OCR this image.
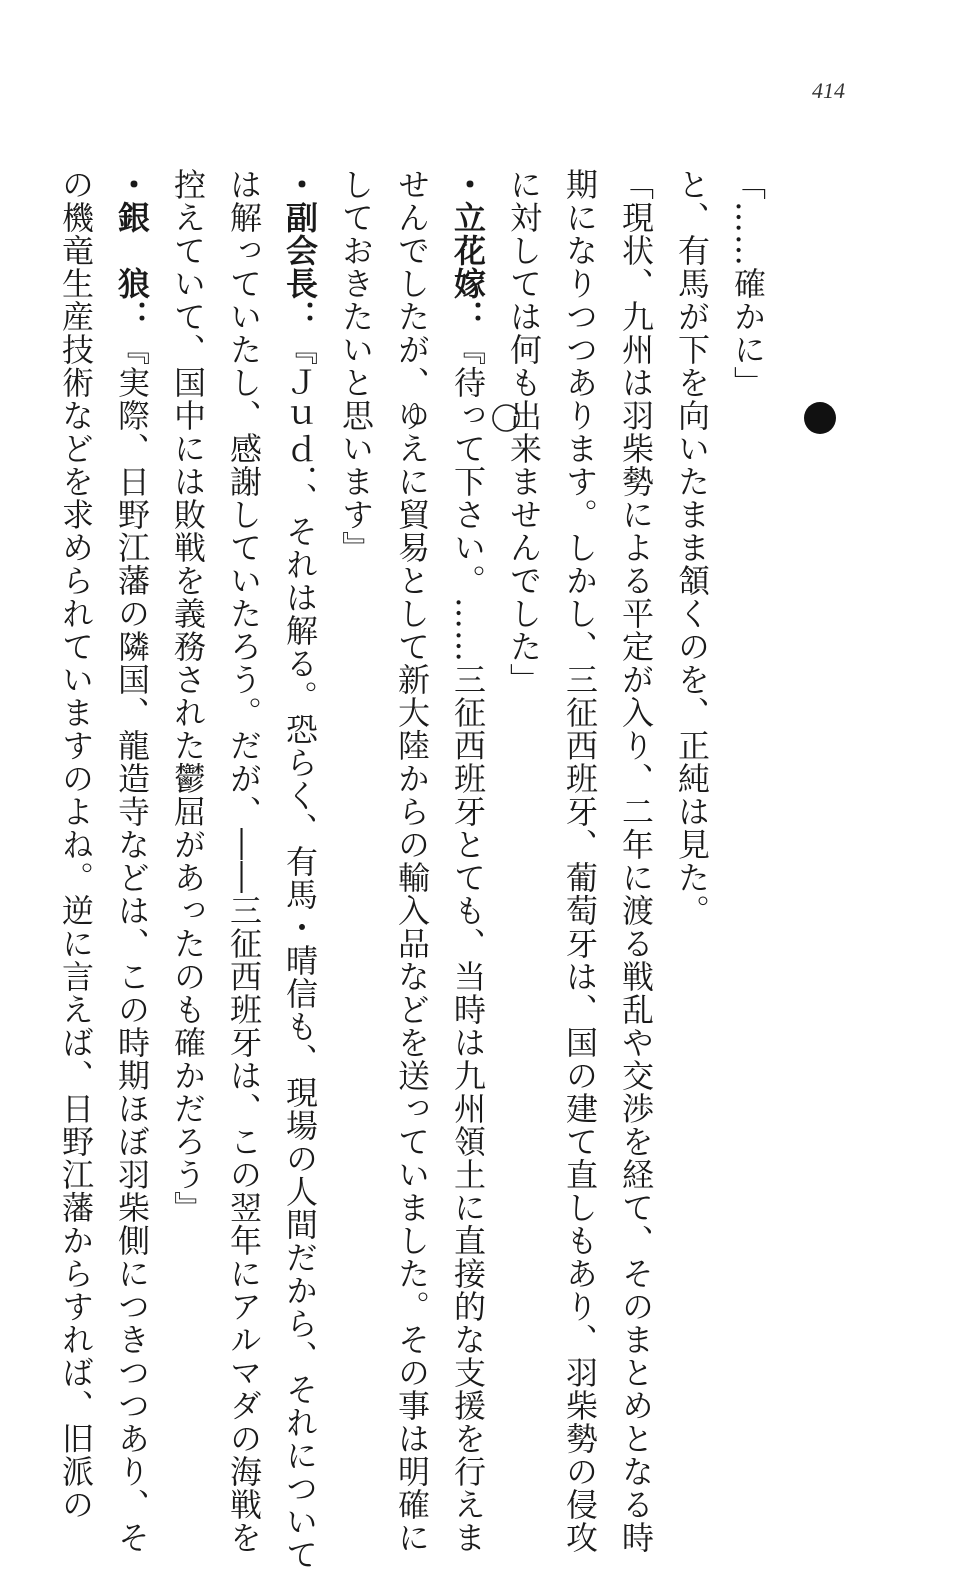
414
「……確かに」
と、有馬が下を向いたまま頷くのを、正純は見た。
「現状、九州は羽柴勢による平定が入り、二年に渡る戦乱や交渉を経て、そのまとめとなる時
期になりつつあります。しかし、三征西班牙、葡萄牙は、国の建て直しもあり、羽柴勢の侵攻
に対しては何も出来ませんでした」
・立花嫁：『待って下さい。……三征西班牙とても、当時は九州領土に直接的な支援を行えま
せんでしたが、ゆえに貿易として新大陸からの輸入品などを送っていました。その事は明確に
しておきたいと思います』
・副会長：『Ｊｕｄ．、それは解る。恐らく、有馬・晴信も、現場の人間だから、それについて
は解っていたし、感謝していたろう。だが、――三征西班牙は、この翌年にアルマダの海戦を
控えていて、国中には敗戦を義務された鬱屈があったのも確かだろう』
・銀　狼：『実際、日野江藩の隣国、龍造寺などは、この時期ほぼ羽柴側につきつつあり、そ
の機竜生産技術などを求められていますのよね。逆に言えば、日野江藩からすれば、旧派の
